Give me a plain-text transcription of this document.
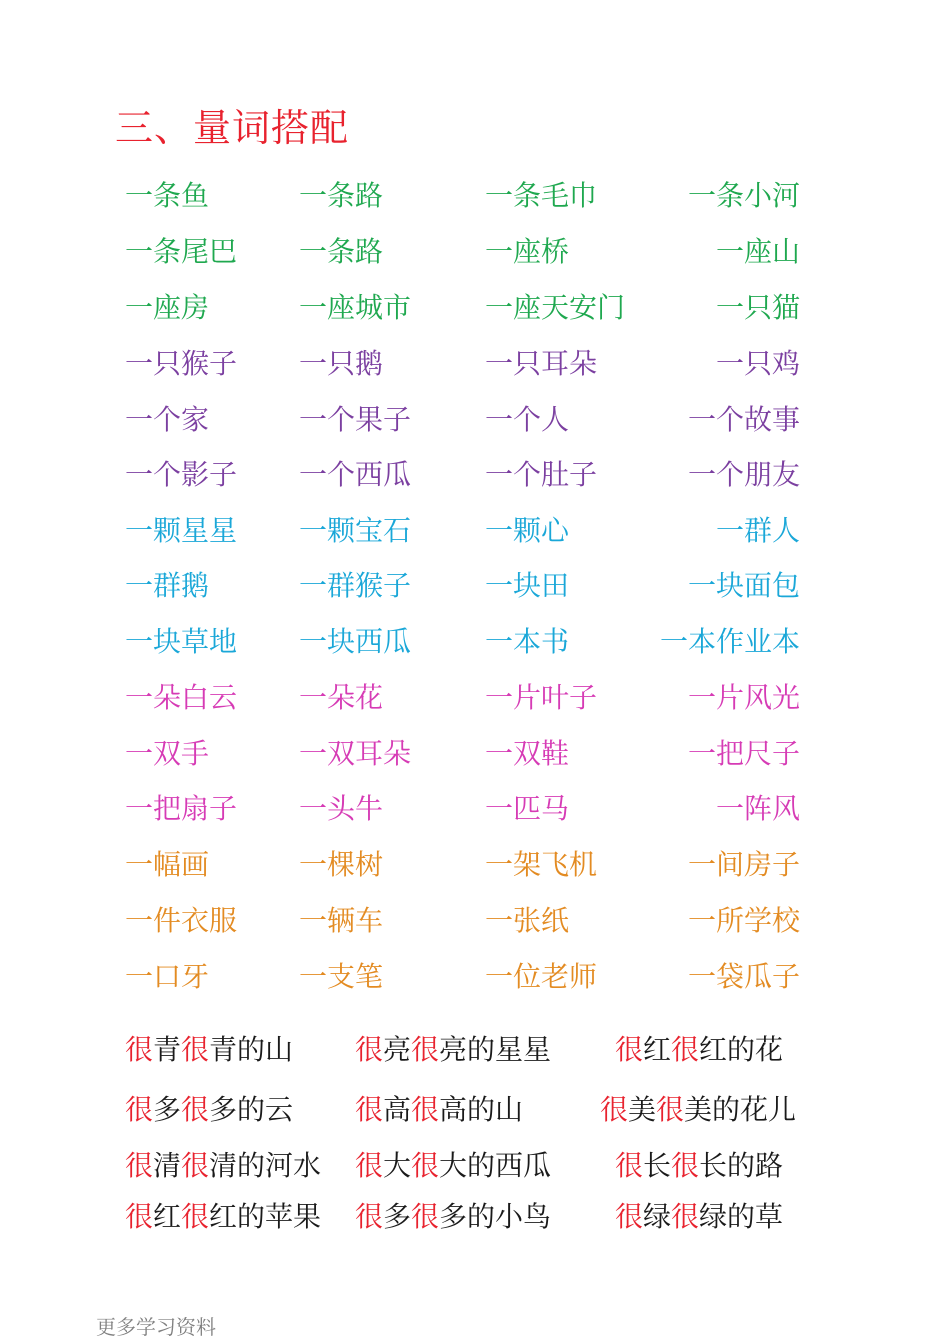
三、量词搭配
一条鱼	一条路	一条毛巾	一条小河
一条尾巴 一条路	一座桥	一座山
一座房	一座城市	一座天安门	一只猫
一只猴子 一只鹅	一只耳朵	一只鸡
一个家	一个果子	一个人	一个故事
一个影子 一个西瓜	一个肚子	一个朋友
一颗星星 一颗宝石	一颗心	一群人
一群鹅	一群猴子	一块田	一块面包
一块草地 一块西瓜	一本书	一本作业本
一朵白云 一朵花	一片叶子	一片风光
一双手	一双耳朵	一双鞋	一把尺子
一把扇子 一头牛	一匹马	一阵风
一幅画	一棵树	一架飞机	一间房子
一件衣服 一辆车	一张纸	一所学校
一口牙	一支笔	一位老师	一袋瓜子
很青很青的山 很亮很亮的星星 很红很红的花
很多很多的云 很高很高的山	很美很美的花儿
很清很清的河水 很大很大的西瓜 很长很长的路
很红很红的苹果 很多很多的小鸟 很绿很绿的草
更多学习资料
